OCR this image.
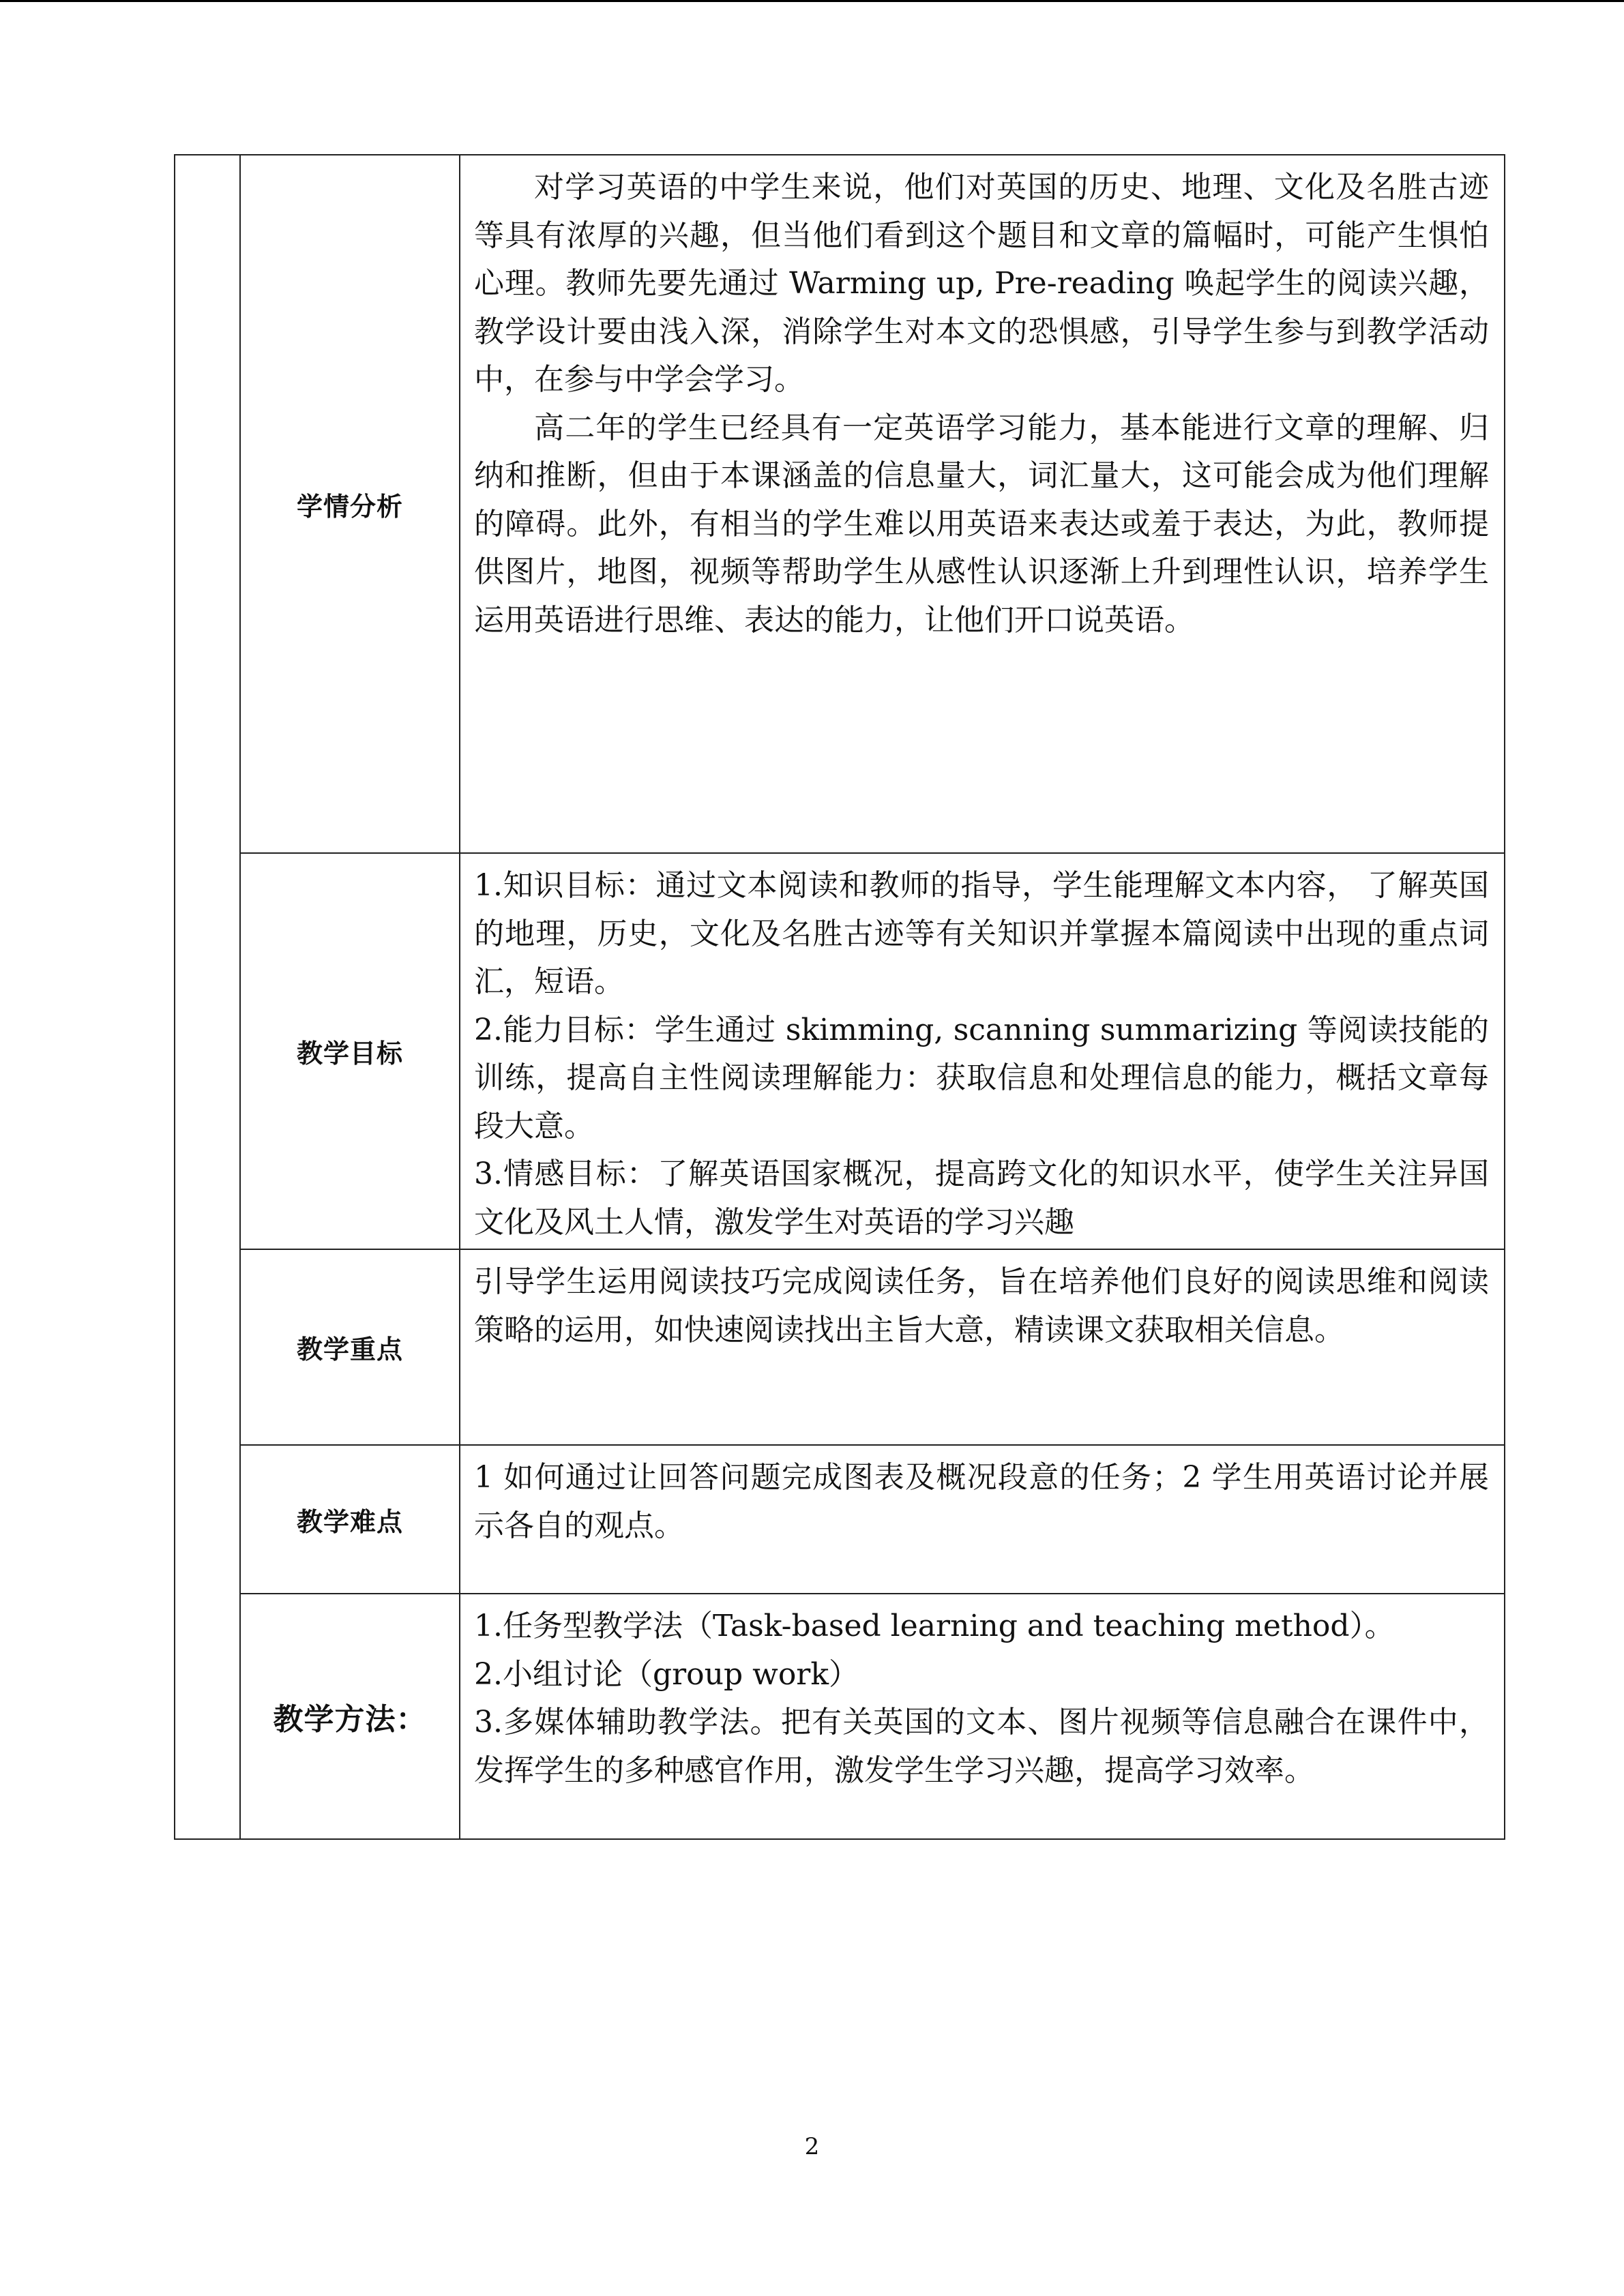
	学情分析	对学习英语的中学生来说，他们对英国的历史、地理、文化及名胜古迹等具有浓厚的兴趣，但当他们看到这个题目和文章的篇幅时，可能产生惧怕心理。教师先要先通过 Warming up, Pre-reading 唤起学生的阅读兴趣，教学设计要由浅入深，消除学生对本文的恐惧感，引导学生参与到教学活动中，在参与中学会学习。

高二年的学生已经具有一定英语学习能力，基本能进行文章的理解、归纳和推断，但由于本课涵盖的信息量大，词汇量大，这可能会成为他们理解的障碍。此外，有相当的学生难以用英语来表达或羞于表达，为此，教师提供图片，地图，视频等帮助学生从感性认识逐渐上升到理性认识，培养学生运用英语进行思维、表达的能力，让他们开口说英语。

	教学目标	1.知识目标：通过文本阅读和教师的指导，学生能理解文本内容， 了解英国的地理，历史，文化及名胜古迹等有关知识并掌握本篇阅读中出现的重点词汇，短语。

2.能力目标：学生通过 skimming, scanning summarizing 等阅读技能的训练，提高自主性阅读理解能力：获取信息和处理信息的能力，概括文章每段大意。

3.情感目标：了解英语国家概况，提高跨文化的知识水平，使学生关注异国文化及风土人情，激发学生对英语的学习兴趣

	教学重点	引导学生运用阅读技巧完成阅读任务，旨在培养他们良好的阅读思维和阅读策略的运用，如快速阅读找出主旨大意，精读课文获取相关信息。

	教学难点	1 如何通过让回答问题完成图表及概况段意的任务；2 学生用英语讨论并展示各自的观点。

	教学方法：	1.任务型教学法（Task-based learning and teaching method）。

2.小组讨论（group work）

3.多媒体辅助教学法。把有关英国的文本、图片视频等信息融合在课件中，发挥学生的多种感官作用，激发学生学习兴趣，提高学习效率。

2
